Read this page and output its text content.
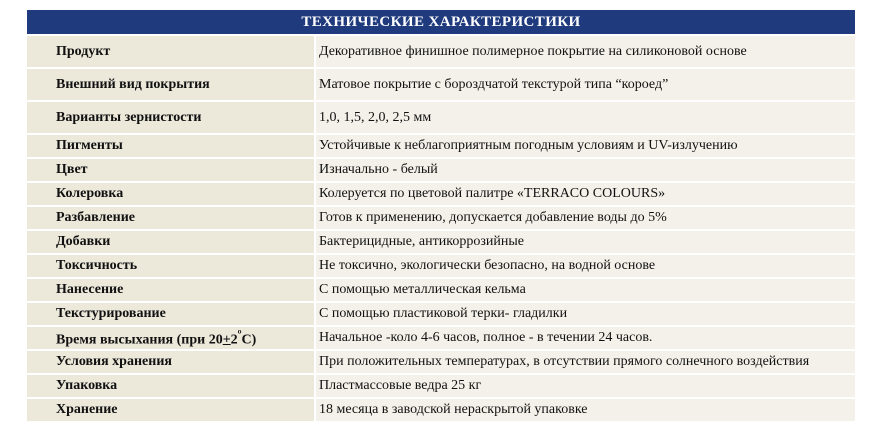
ТЕХНИЧЕСКИЕ ХАРАКТЕРИСТИКИ
Продукт	Декоративное финишное полимерное покрытие на силиконовой основе
Внешний вид покрытия	Матовое покрытие с бороздчатой текстурой типа “короед”
Варианты зернистости	1,0, 1,5, 2,0, 2,5 мм
Пигменты	Устойчивые к неблагоприятным погодным условиям и UV-излучению
Цвет	Изначально - белый
Колеровка	Колеруется по цветовой палитре «TERRACO COLOURS»
Разбавление	Готов к применению, допускается добавление воды до 5%
Добавки	Бактерицидные, антикоррозийные
Токсичность	Не токсично, экологически безопасно, на водной основе
Нанесение	С помощью металлическая кельма
Текстурирование	С помощью пластиковой терки- гладилки
Время высыхания (при $20+2^ºC$)	Начальное -коло 4-6 часов, полное - в течении 24 часов.
Условия хранения	При положительных температурах, в отсутствии прямого солнечного воздействия
Упаковка	Пластмассовые ведра 25 кг
Хранение	18 месяца в заводской нераскрытой упаковке
